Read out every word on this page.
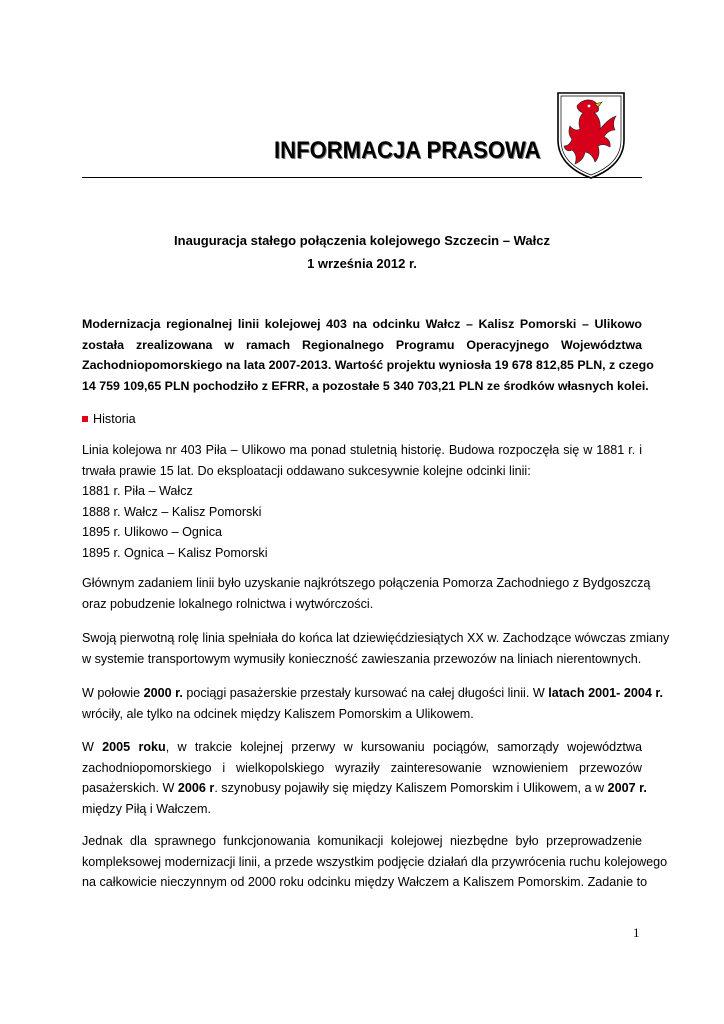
INFORMACJA PRASOWA
Inauguracja stałego połączenia kolejowego Szczecin – Wałcz
1 września 2012 r.
Modernizacja regionalnej linii kolejowej 403 na odcinku Wałcz – Kalisz Pomorski – Ulikowo
została zrealizowana w ramach Regionalnego Programu Operacyjnego Województwa
Zachodniopomorskiego na lata 2007-2013. Wartość projektu wyniosła 19 678 812,85 PLN, z czego
14 759 109,65 PLN pochodziło z EFRR, a pozostałe 5 340 703,21 PLN ze środków własnych kolei.
Historia
Linia kolejowa nr 403 Piła – Ulikowo ma ponad stuletnią historię. Budowa rozpoczęła się w 1881 r. i
trwała prawie 15 lat. Do eksploatacji oddawano sukcesywnie kolejne odcinki linii:
1881 r. Piła – Wałcz
1888 r. Wałcz – Kalisz Pomorski
1895 r. Ulikowo – Ognica
1895 r. Ognica – Kalisz Pomorski
Głównym zadaniem linii było uzyskanie najkrótszego połączenia Pomorza Zachodniego z Bydgoszczą
oraz pobudzenie lokalnego rolnictwa i wytwórczości.
Swoją pierwotną rolę linia spełniała do końca lat dziewięćdziesiątych XX w. Zachodzące wówczas zmiany
w systemie transportowym wymusiły konieczność zawieszania przewozów na liniach nierentownych.
W połowie 2000 r. pociągi pasażerskie przestały kursować na całej długości linii. W latach 2001- 2004 r.
wróciły, ale tylko na odcinek między Kaliszem Pomorskim a Ulikowem.
W 2005 roku, w trakcie kolejnej przerwy w kursowaniu pociągów, samorządy województwa
zachodniopomorskiego i wielkopolskiego wyraziły zainteresowanie wznowieniem przewozów
pasażerskich. W 2006 r. szynobusy pojawiły się między Kaliszem Pomorskim i Ulikowem, a w 2007 r.
między Piłą i Wałczem.
Jednak dla sprawnego funkcjonowania komunikacji kolejowej niezbędne było przeprowadzenie
kompleksowej modernizacji linii, a przede wszystkim podjęcie działań dla przywrócenia ruchu kolejowego
na całkowicie nieczynnym od 2000 roku odcinku między Wałczem a Kaliszem Pomorskim. Zadanie to
1
